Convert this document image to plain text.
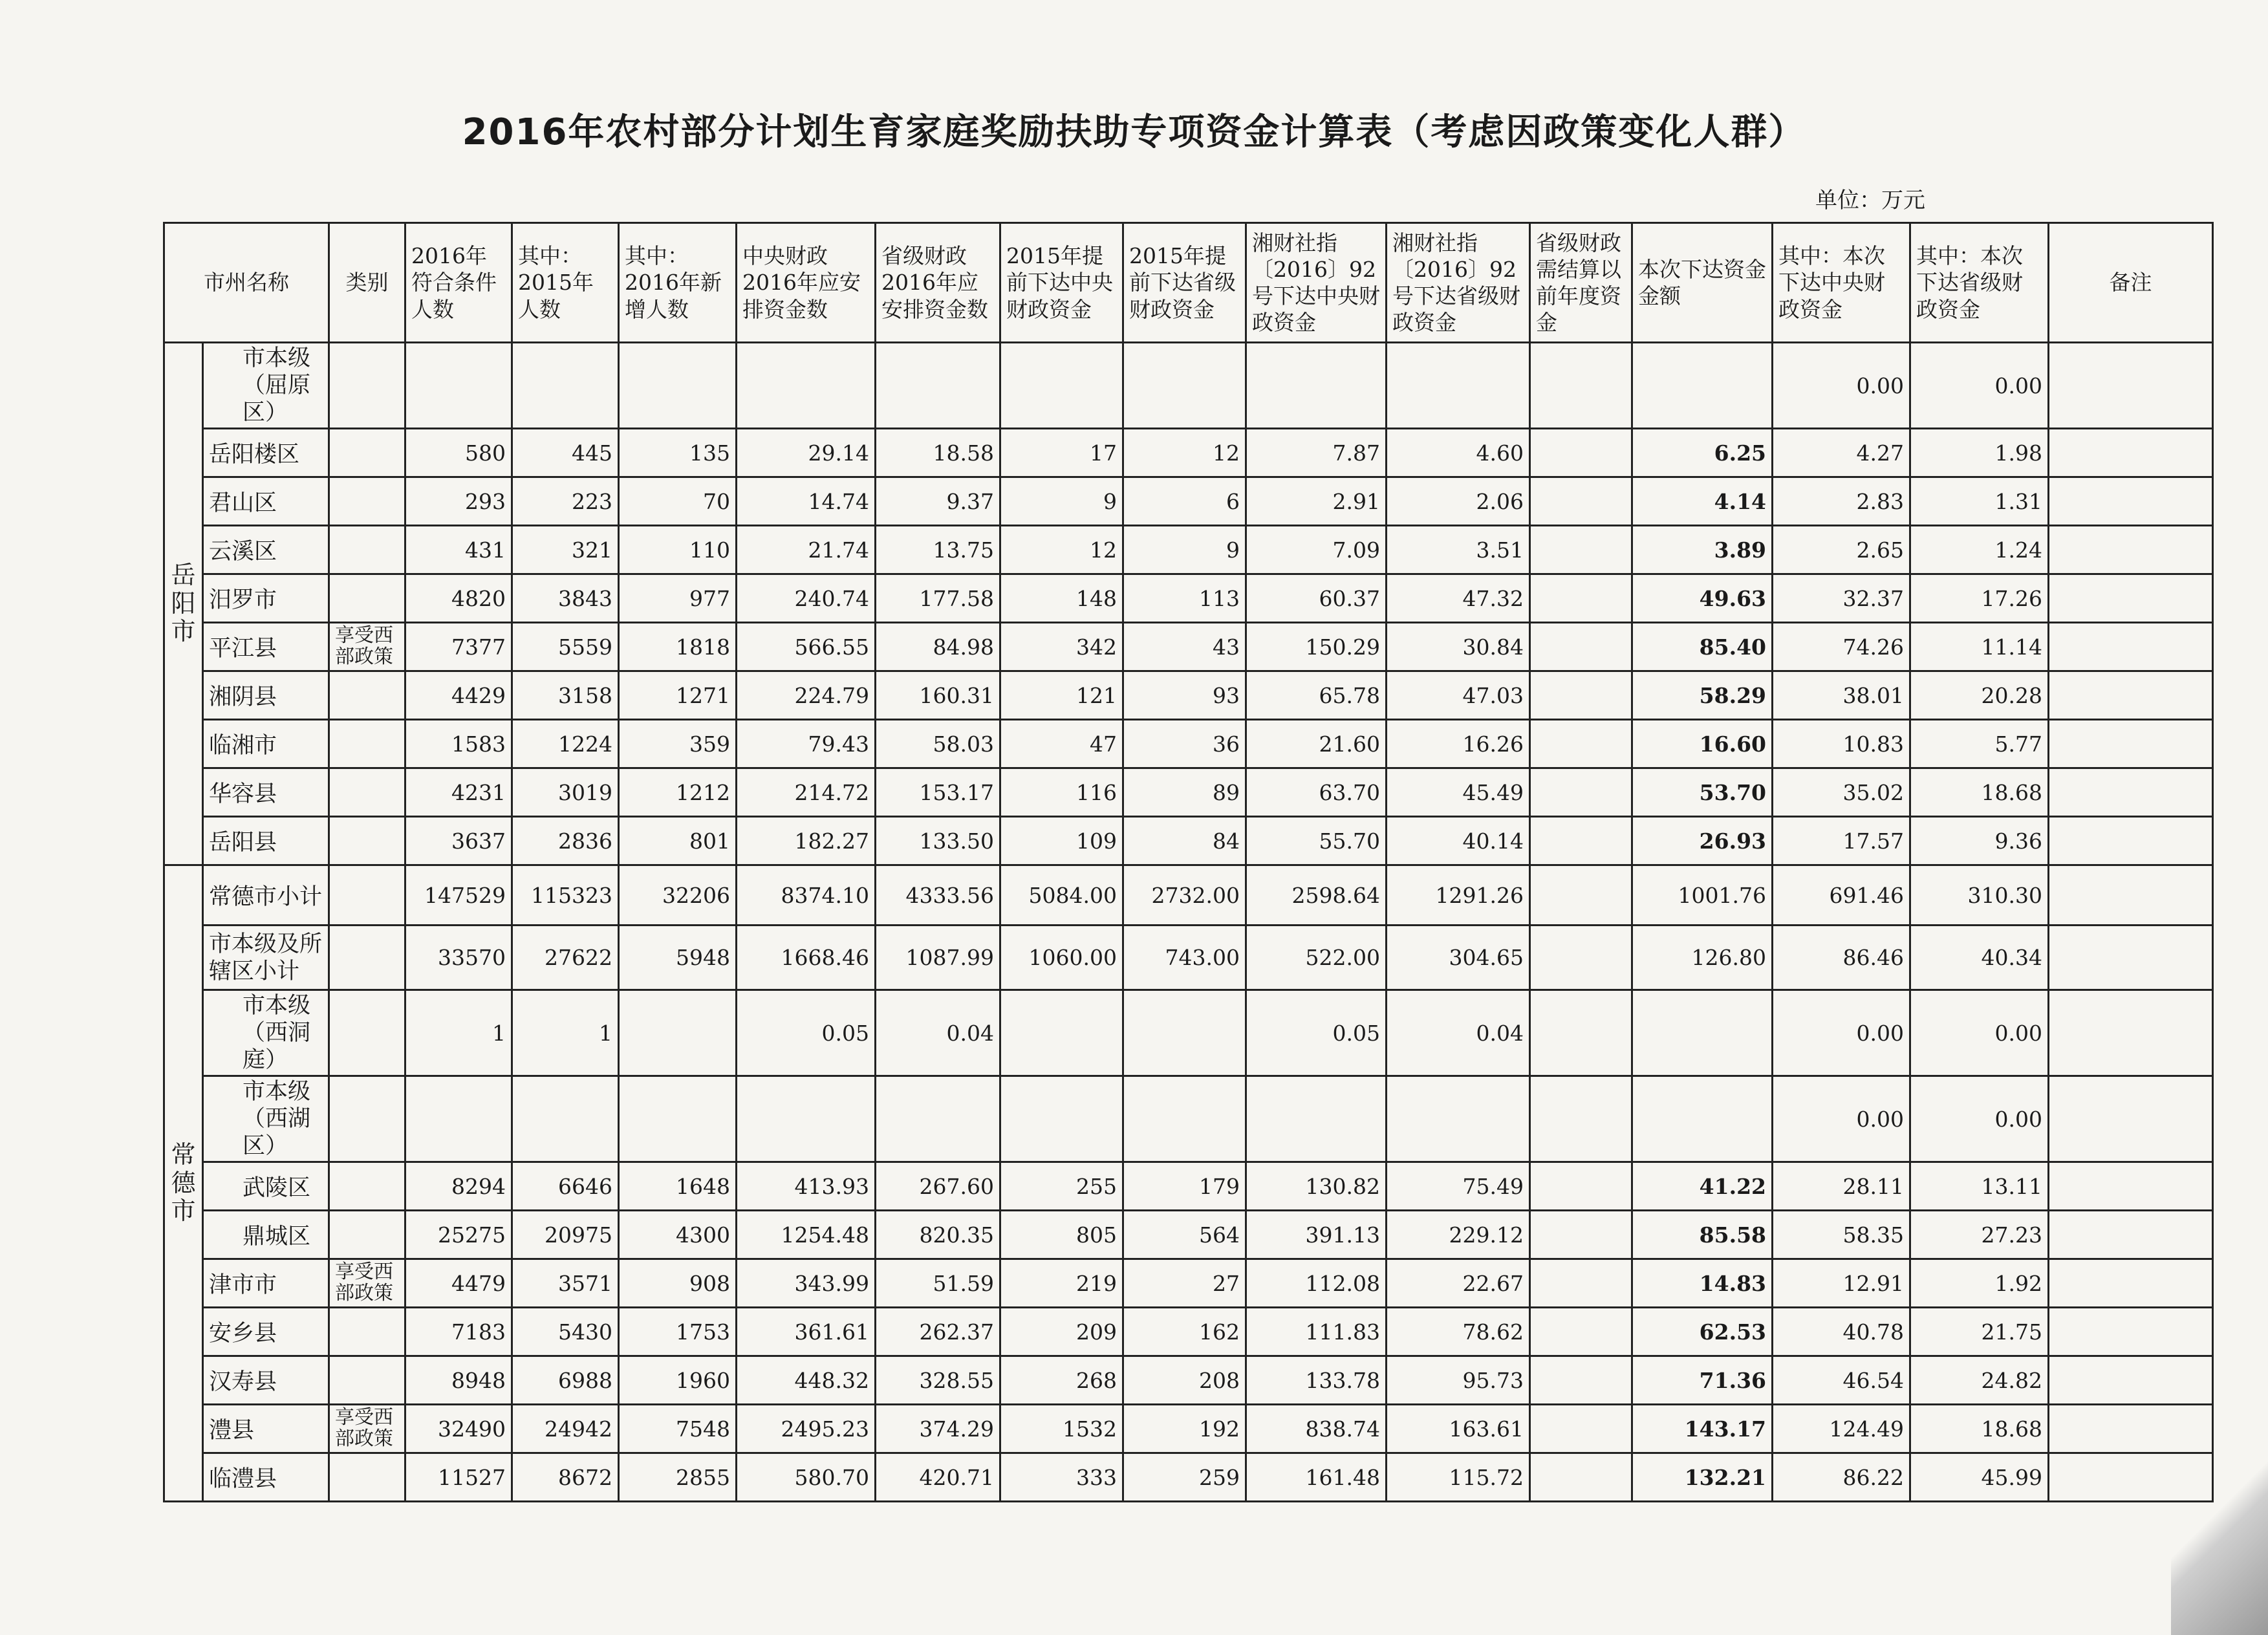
2016年农村部分计划生育家庭奖励扶助专项资金计算表（考虑因政策变化人群）
单位：万元
市州名称		类别	2016年符合条件人数	其中：2015年人数	其中：2016年新增人数	中央财政2016年应安排资金数	省级财政2016年应安排资金数	2015年提前下达中央财政资金	2015年提前下达省级财政资金	湘财社指〔2016〕92号下达中央财政资金	湘财社指〔2016〕92号下达省级财政资金	省级财政需结算以前年度资金	本次下达资金金额	其中：本次下达中央财政资金	其中：本次下达省级财政资金	备注
岳阳市	市本级（屈原区）													0.00	0.00	
	岳阳楼区		580	445	135	29.14	18.58	17	12	7.87	4.60		6.25	4.27	1.98	
	君山区		293	223	70	14.74	9.37	9	6	2.91	2.06		4.14	2.83	1.31	
	云溪区		431	321	110	21.74	13.75	12	9	7.09	3.51		3.89	2.65	1.24	
	汨罗市		4820	3843	977	240.74	177.58	148	113	60.37	47.32		49.63	32.37	17.26	
	平江县	享受西部政策	7377	5559	1818	566.55	84.98	342	43	150.29	30.84		85.40	74.26	11.14	
	湘阴县		4429	3158	1271	224.79	160.31	121	93	65.78	47.03		58.29	38.01	20.28	
	临湘市		1583	1224	359	79.43	58.03	47	36	21.60	16.26		16.60	10.83	5.77	
	华容县		4231	3019	1212	214.72	153.17	116	89	63.70	45.49		53.70	35.02	18.68	
	岳阳县		3637	2836	801	182.27	133.50	109	84	55.70	40.14		26.93	17.57	9.36	
常德市	常德市小计		147529	115323	32206	8374.10	4333.56	5084.00	2732.00	2598.64	1291.26		1001.76	691.46	310.30	
	市本级及所辖区小计		33570	27622	5948	1668.46	1087.99	1060.00	743.00	522.00	304.65		126.80	86.46	40.34	
	市本级（西洞庭）		1	1		0.05	0.04			0.05	0.04			0.00	0.00	
	市本级（西湖区）													0.00	0.00	
	武陵区		8294	6646	1648	413.93	267.60	255	179	130.82	75.49		41.22	28.11	13.11	
	鼎城区		25275	20975	4300	1254.48	820.35	805	564	391.13	229.12		85.58	58.35	27.23	
	津市市	享受西部政策	4479	3571	908	343.99	51.59	219	27	112.08	22.67		14.83	12.91	1.92	
	安乡县		7183	5430	1753	361.61	262.37	209	162	111.83	78.62		62.53	40.78	21.75	
	汉寿县		8948	6988	1960	448.32	328.55	268	208	133.78	95.73		71.36	46.54	24.82	
	澧县	享受西部政策	32490	24942	7548	2495.23	374.29	1532	192	838.74	163.61		143.17	124.49	18.68	
	临澧县		11527	8672	2855	580.70	420.71	333	259	161.48	115.72		132.21	86.22	45.99	
